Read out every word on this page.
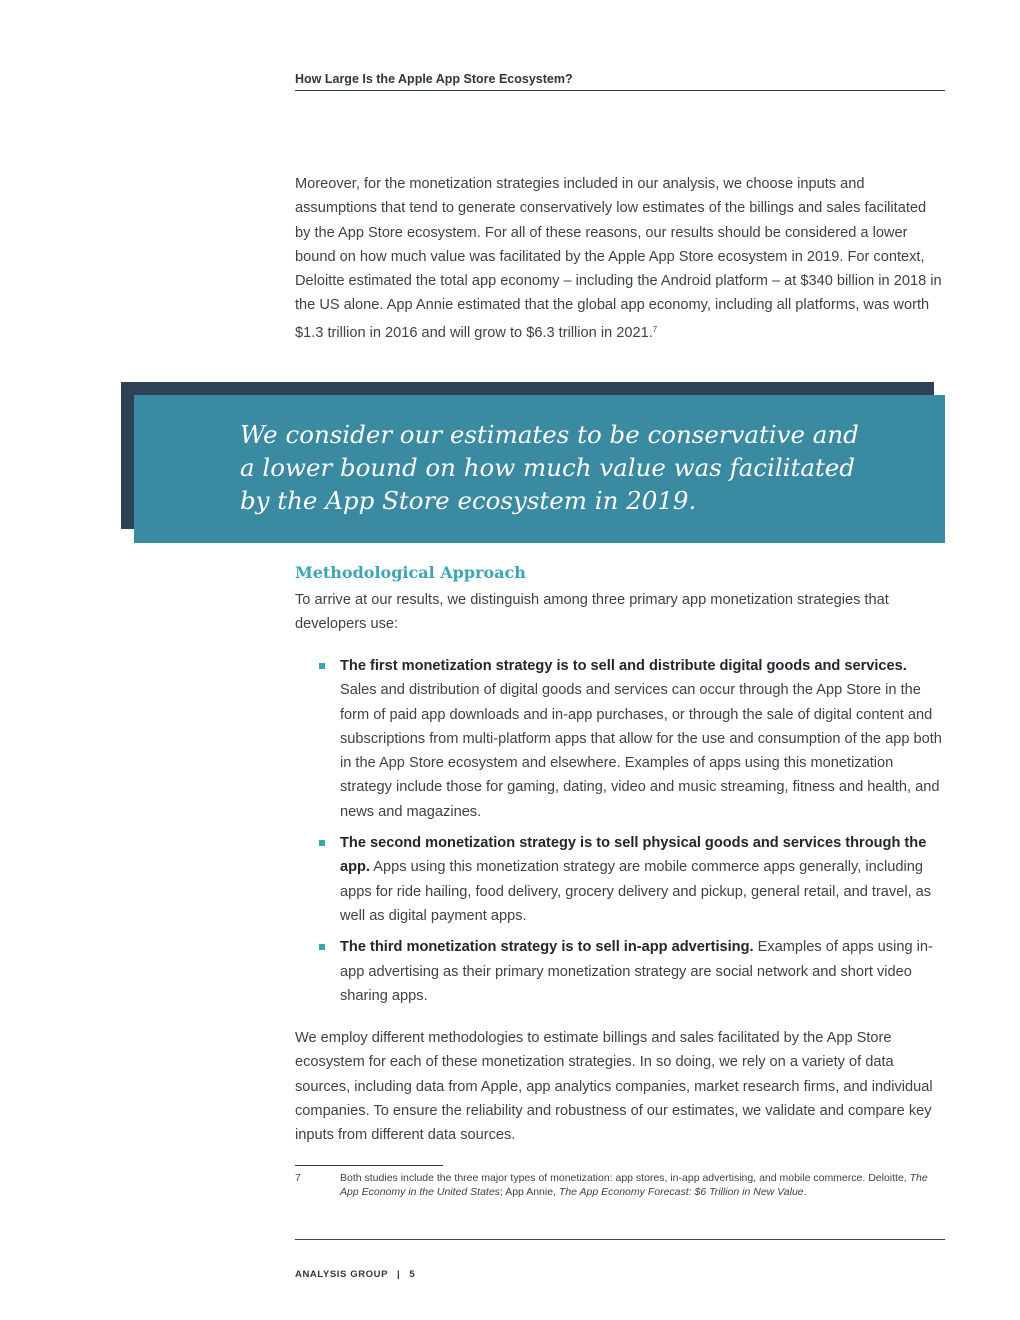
How Large Is the Apple App Store Ecosystem?
Moreover, for the monetization strategies included in our analysis, we choose inputs and assumptions that tend to generate conservatively low estimates of the billings and sales facilitated by the App Store ecosystem. For all of these reasons, our results should be considered a lower bound on how much value was facilitated by the Apple App Store ecosystem in 2019. For context, Deloitte estimated the total app economy – including the Android platform – at $340 billion in 2018 in the US alone. App Annie estimated that the global app economy, including all platforms, was worth $1.3 trillion in 2016 and will grow to $6.3 trillion in 2021.$^7$
We consider our estimates to be conservative and
a lower bound on how much value was facilitated
by the App Store ecosystem in 2019.
Methodological Approach
To arrive at our results, we distinguish among three primary app monetization strategies that developers use:
The first monetization strategy is to sell and distribute digital goods and services. Sales and distribution of digital goods and services can occur through the App Store in the form of paid app downloads and in-app purchases, or through the sale of digital content and subscriptions from multi-platform apps that allow for the use and consumption of the app both in the App Store ecosystem and elsewhere. Examples of apps using this monetization strategy include those for gaming, dating, video and music streaming, fitness and health, and news and magazines.
The second monetization strategy is to sell physical goods and services through the app. Apps using this monetization strategy are mobile commerce apps generally, including apps for ride hailing, food delivery, grocery delivery and pickup, general retail, and travel, as well as digital payment apps.
The third monetization strategy is to sell in-app advertising. Examples of apps using in-app advertising as their primary monetization strategy are social network and short video sharing apps.
We employ different methodologies to estimate billings and sales facilitated by the App Store ecosystem for each of these monetization strategies. In so doing, we rely on a variety of data sources, including data from Apple, app analytics companies, market research firms, and individual companies. To ensure the reliability and robustness of our estimates, we validate and compare key inputs from different data sources.
7	Both studies include the three major types of monetization: app stores, in-app advertising, and mobile commerce. Deloitte, The App Economy in the United States; App Annie, The App Economy Forecast: $6 Trillion in New Value.
ANALYSIS GROUP | 5
